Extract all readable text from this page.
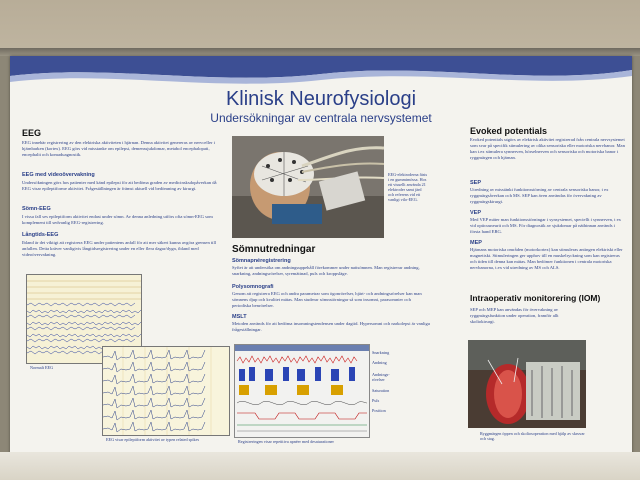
Klinisk Neurofysiologi
Undersökningar av centrala nervsystemet
EEG
EEG innebär registrering av den elektriska aktiviteten i hjärnan. Denna aktivitet genereras av nervceller i hjärnbarken (kortex). EEG görs vid misstanke om epilepsi, demenssjukdomar, metabol encephalopati, encephalit och komaduagnostik.
EEG med videoövervakning
Undersökningen görs hos patienter med känd epilepsi för att bedöma graden av medicinsksdopåverkan då EEG visar epileptiforme aktivitet. Frågeställningen är främst aktuell vid bedömning av kirurgi.
Sömn-EEG
I vissa fall ses epileptiform aktivitet endast under sömn. Av denna anledning utförs ofta sömn-EEG som komplement till sedvanlig EEG-registrering.
Långtids-EEG
Ibland är det viktigt att registrera EEG under patientens anfall för att mer säkert kunna avgöra grensen till anfallen. Detta kräver vanligtvis långtidsregistrering under en eller flera dagar/dygn, ibland med videoövervakning.
Normalt EEG
EEG visar epileptiform aktivitet av typen related spikes
EEG-elektroderna fästs i en gummimössa. Hos ett visuellt använda 21 elektroder samt järd och referens vid ett vanligt vilo-EEG.
Sömnutredningar
Sömnapnéregistrering
Syftet är att undersöka om andningsuppehåll förekommer under nattsömnen. Man registrerar andning, snarkning, andningsrörelser, syremättnad, puls och kroppsläge.
Polysomnografi
Genom att registrera EEG och andra parametrar som ögonrörelser, hjärt- och andningsrörelser kan man sömnens djup och kvalitet mätas. Man studerar sömnstörningar så som insomni, parasomnier och periodiska benrörelser.
MSLT
Metoden används för att bedöma insomningstendensen under dagtid. Hypersomni och narkolepsi är vanliga frågeställningar.
Snarkning
Andning
Andnings-rörelser
Saturation
Puls
Position
Registreringen visar repetitiva apnéer med desaturationer
Evoked potentials
Evoked potentials utgörs av elektrisk aktivitet registrerad från centrala nervsystemet som svar på specifik stimulering av olika sensoriska eller motoriska nervbanor. Man kan t.ex stimulera synnerven, hörselnerven och sensoriska och motoriska banor i ryggmärgen och hjärnan.
SEP
Utredning av misstänkt funktionsstörning av centrala sensoriska banor, t ex ryggmärgsåverkan och MS. SEP kan även användas för övervakning av ryggmärgskirurgi.
VEP
Med VEP mäter man funktionsstörningar i synsystemet, speciellt i synnerven, t ex vid opticusneurit och MS. För diagnostik av sjukdomar på näthinnan används i första hand ERG.
MEP
Hjärnans motoriska områden (motorkortex) kan stimuleras antingen elektriskt eller magnetiskt. Stimuleringen ger upphov till en muskelryckning som kan registreras och tiden till denna kan mätas. Man bedömer funktionen i centrala motoriska nervbanorna, t.ex vid utredning av MS och ALS.
Intraoperativ monitorering (IOM)
SEP och MEP kan användas för övervakning av ryggmärgsfunktion under operation, framför allt skoliokirurgi.
Ryggmärgen öppen och skoliosoperation med hjälp av skruvar och stag.
